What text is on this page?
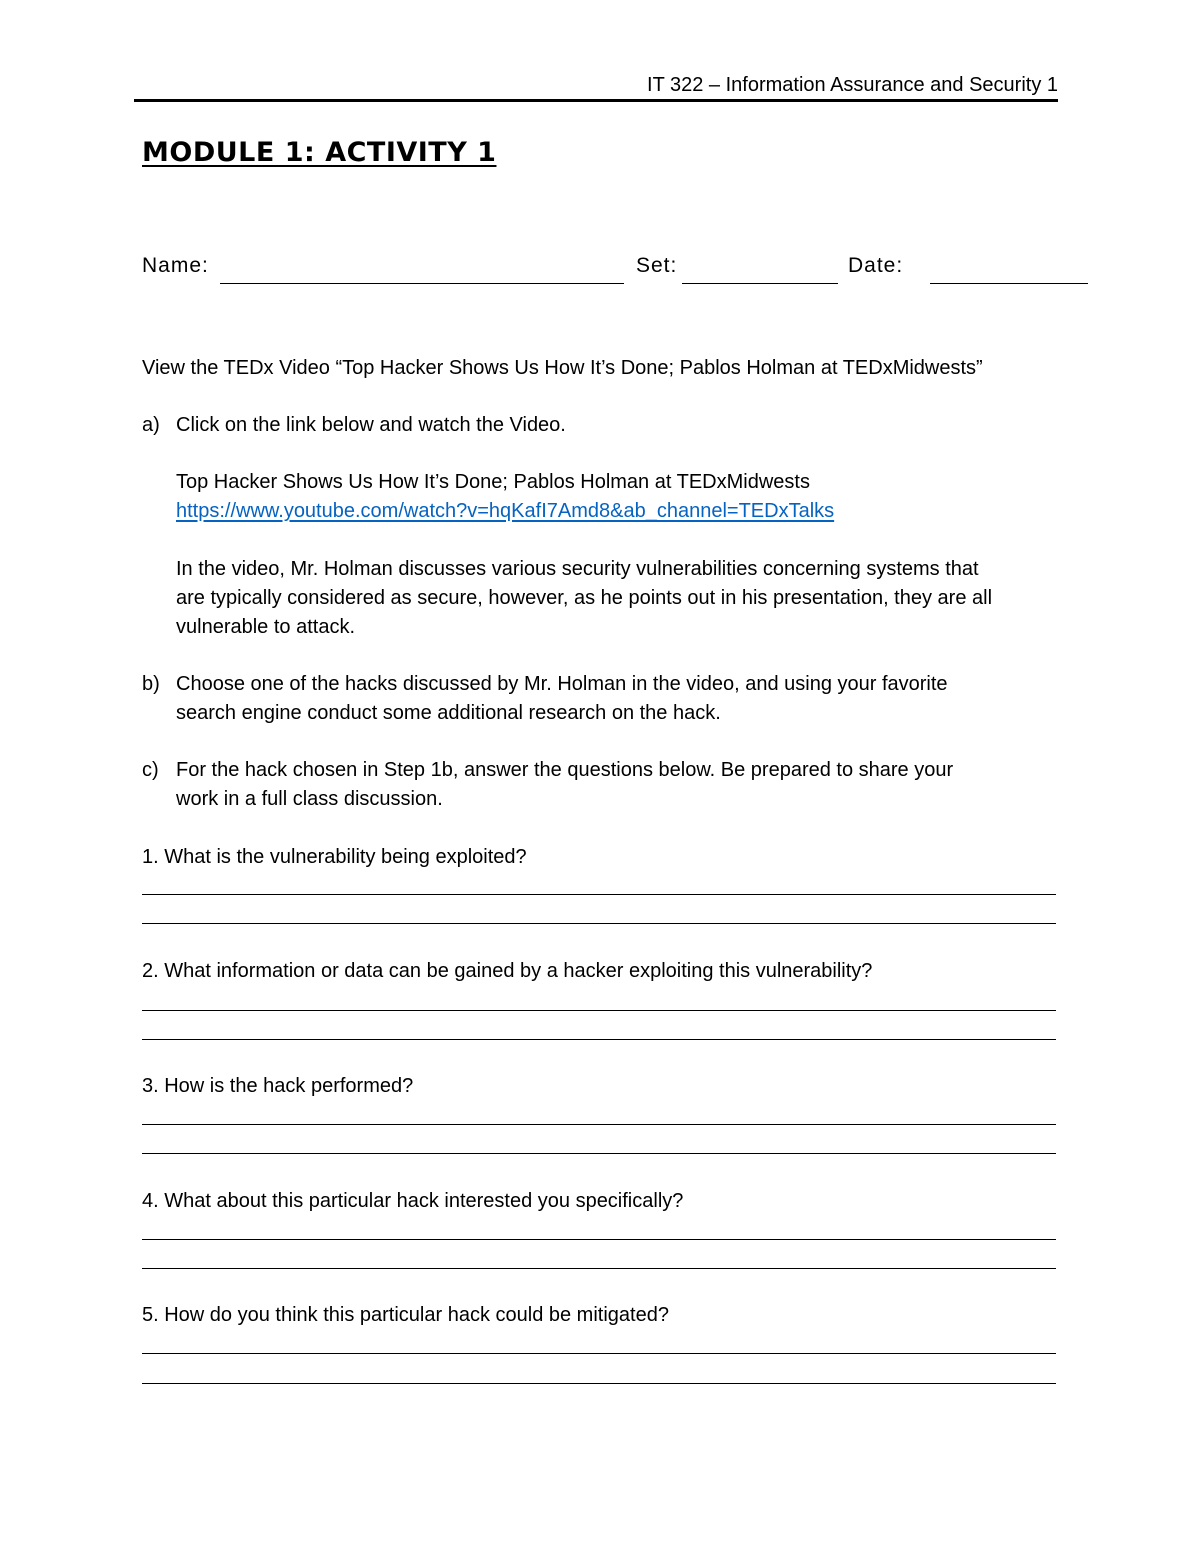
IT 322 – Information Assurance and Security 1
MODULE 1: ACTIVITY 1
Name:	Set:	Date:
View the TEDx Video “Top Hacker Shows Us How It’s Done; Pablos Holman at TEDxMidwests”
a) Click on the link below and watch the Video.
Top Hacker Shows Us How It’s Done; Pablos Holman at TEDxMidwests
https://www.youtube.com/watch?v=hqKafI7Amd8&ab_channel=TEDxTalks
In the video, Mr. Holman discusses various security vulnerabilities concerning systems that
are typically considered as secure, however, as he points out in his presentation, they are all
vulnerable to attack.
b) Choose one of the hacks discussed by Mr. Holman in the video, and using your favorite
search engine conduct some additional research on the hack.
c) For the hack chosen in Step 1b, answer the questions below. Be prepared to share your
work in a full class discussion.
1. What is the vulnerability being exploited?
2. What information or data can be gained by a hacker exploiting this vulnerability?
3. How is the hack performed?
4. What about this particular hack interested you specifically?
5. How do you think this particular hack could be mitigated?
